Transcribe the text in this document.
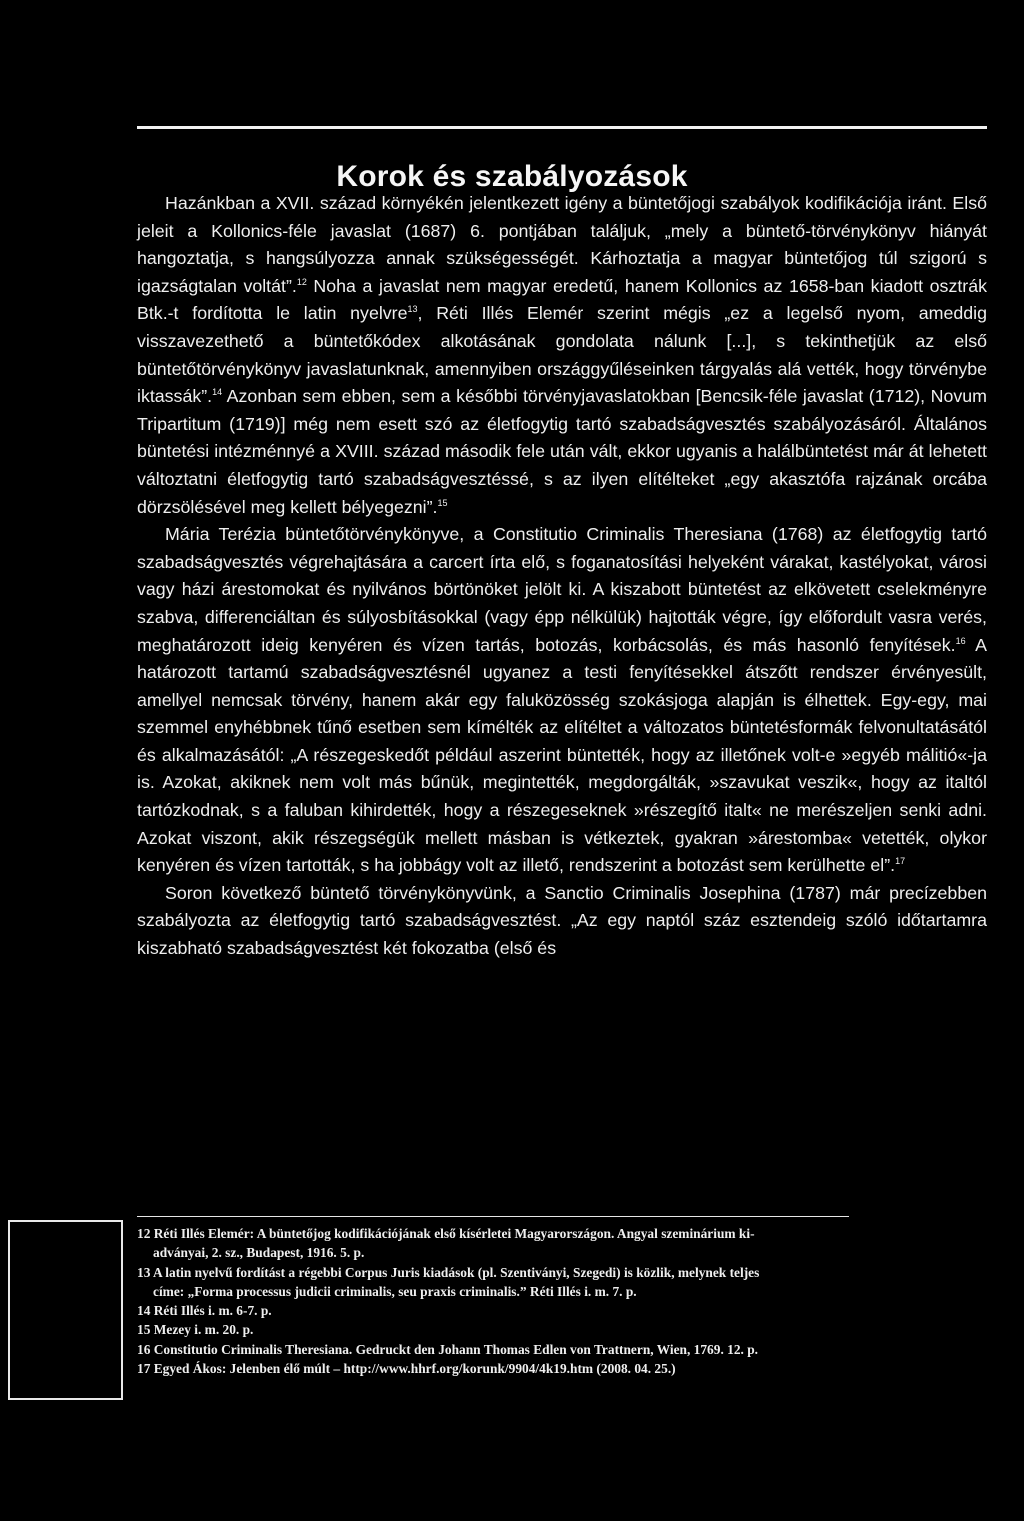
Korok és szabályozások

Hazánkban a XVII. század környékén jelentkezett igény a büntetőjogi szabályok kodifikációja iránt. Első jeleit a Kollonics-féle javaslat (1687) 6. pontjában találjuk, „mely a büntető-törvénykönyv hiányát hangoztatja, s hangsúlyozza annak szükségességét. Kárhoztatja a magyar büntetőjog túl szigorú s igazságtalan voltát”.$^{12}$ Noha a javaslat nem magyar eredetű, hanem Kollonics az 1658-ban kiadott osztrák Btk.-t fordította le latin nyelvre$^{13}$, Réti Illés Elemér szerint mégis „ez a legelső nyom, ameddig visszavezethető a büntetőkódex alkotásának gondolata nálunk [...], s tekinthetjük az első büntetőtörvénykönyv javaslatunknak, amennyiben országgyűléseinken tárgyalás alá vették, hogy törvénybe iktassák”.$^{14}$ Azonban sem ebben, sem a későbbi törvényjavaslatokban [Bencsik-féle javaslat (1712), Novum Tripartitum (1719)] még nem esett szó az életfogytig tartó szabadságvesztés szabályozásáról. Általános büntetési intézménnyé a XVIII. század második fele után vált, ekkor ugyanis a halálbüntetést már át lehetett változtatni életfogytig tartó szabadságvesztéssé, s az ilyen elítélteket „egy akasztófa rajzának orcába dörzsölésével meg kellett bélyegezni”.$^{15}$

Mária Terézia büntetőtörvénykönyve, a Constitutio Criminalis Theresiana (1768) az életfogytig tartó szabadságvesztés végrehajtására a carcert írta elő, s foganatosítási helyeként várakat, kastélyokat, városi vagy házi árestomokat és nyilvános börtönöket jelölt ki. A kiszabott büntetést az elkövetett cselekményre szabva, differenciáltan és súlyosbításokkal (vagy épp nélkülük) hajtották végre, így előfordult vasra verés, meghatározott ideig kenyéren és vízen tartás, botozás, korbácsolás, és más hasonló fenyítések.$^{16}$ A határozott tartamú szabadságvesztésnél ugyanez a testi fenyítésekkel átszőtt rendszer érvényesült, amellyel nemcsak törvény, hanem akár egy faluközösség szokásjoga alapján is élhettek. Egy-egy, mai szemmel enyhébbnek tűnő esetben sem kímélték az elítéltet a változatos büntetésformák felvonultatásától és alkalmazásától: „A részegeskedőt például aszerint büntették, hogy az illetőnek volt-e »egyéb málitió«-ja is. Azokat, akiknek nem volt más bűnük, megintették, megdorgálták, »szavukat veszik«, hogy az italtól tartózkodnak, s a faluban kihirdették, hogy a részegeseknek »részegítő italt« ne merészeljen senki adni. Azokat viszont, akik részegségük mellett másban is vétkeztek, gyakran »árestomba« vetették, olykor kenyéren és vízen tartották, s ha jobbágy volt az illető, rendszerint a botozást sem kerülhette el”.$^{17}$

Soron következő büntető törvénykönyvünk, a Sanctio Criminalis Josephina (1787) már precízebben szabályozta az életfogytig tartó szabadságvesztést. „Az egy naptól száz esztendeig szóló időtartamra kiszabható szabadságvesztést két fokozatba (első és

12 Réti Illés Elemér: A büntetőjog kodifikációjának első kísérletei Magyarországon. Angyal szeminárium ki-
adványai, 2. sz., Budapest, 1916. 5. p.
13 A latin nyelvű fordítást a régebbi Corpus Juris kiadások (pl. Szentiványi, Szegedi) is közlik, melynek teljes
címe: „Forma processus judicii criminalis, seu praxis criminalis.” Réti Illés i. m. 7. p.
14 Réti Illés i. m. 6-7. p.
15 Mezey i. m. 20. p.
16 Constitutio Criminalis Theresiana. Gedruckt den Johann Thomas Edlen von Trattnern, Wien, 1769. 12. p.
17 Egyed Ákos: Jelenben élő múlt – http://www.hhrf.org/korunk/9904/4k19.htm (2008. 04. 25.)
